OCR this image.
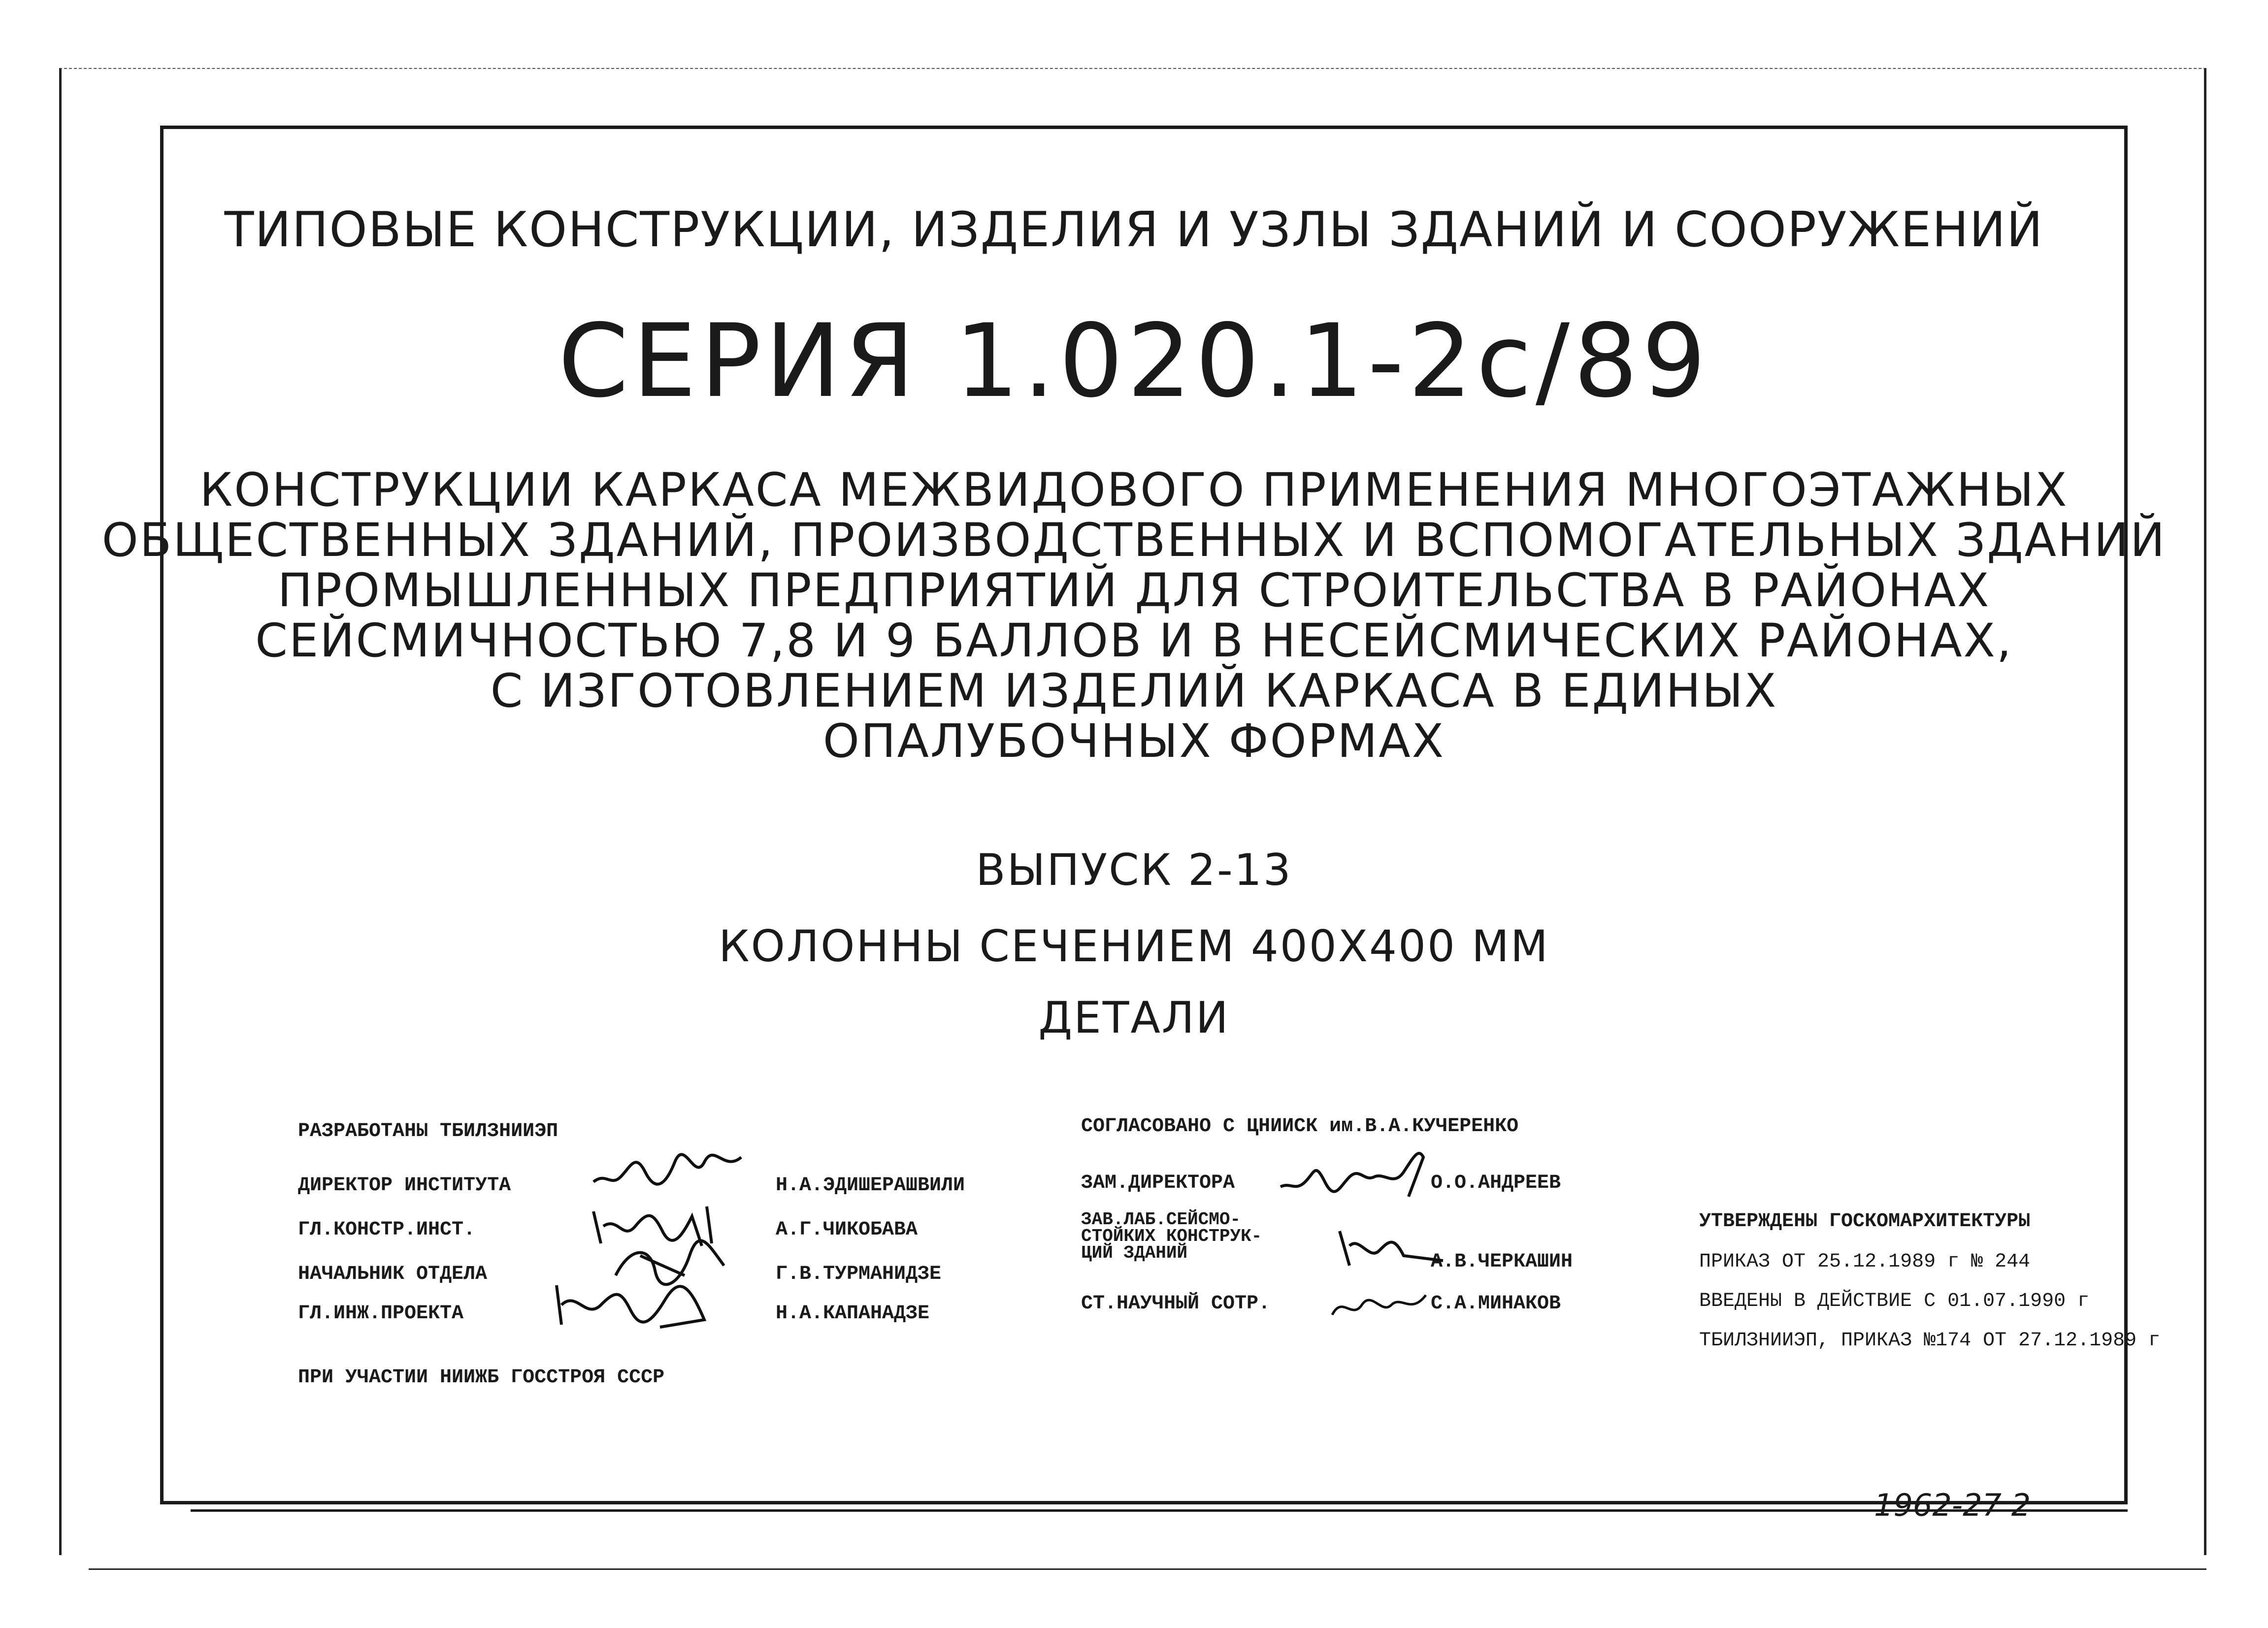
ТИПОВЫЕ КОНСТРУКЦИИ, ИЗДЕЛИЯ И УЗЛЫ ЗДАНИЙ И СООРУЖЕНИЙ
СЕРИЯ 1.020.1-2с/89
КОНСТРУКЦИИ КАРКАСА МЕЖВИДОВОГО ПРИМЕНЕНИЯ МНОГОЭТАЖНЫХ
ОБЩЕСТВЕННЫХ ЗДАНИЙ, ПРОИЗВОДСТВЕННЫХ И ВСПОМОГАТЕЛЬНЫХ ЗДАНИЙ
ПРОМЫШЛЕННЫХ ПРЕДПРИЯТИЙ ДЛЯ СТРОИТЕЛЬСТВА В РАЙОНАХ
СЕЙСМИЧНОСТЬЮ 7,8 И 9 БАЛЛОВ И В НЕСЕЙСМИЧЕСКИХ РАЙОНАХ,
С ИЗГОТОВЛЕНИЕМ ИЗДЕЛИЙ КАРКАСА В ЕДИНЫХ
ОПАЛУБОЧНЫХ ФОРМАХ
ВЫПУСК 2-13
КОЛОННЫ СЕЧЕНИЕМ 400Х400 ММ
ДЕТАЛИ
РАЗРАБОТАНЫ ТБИЛЗНИИЭП
ДИРЕКТОР ИНСТИТУТА	Н.А.ЭДИШЕРАШВИЛИ
ГЛ.КОНСТР.ИНСТ.	А.Г.ЧИКОБАВА
НАЧАЛЬНИК ОТДЕЛА	Г.В.ТУРМАНИДЗЕ
ГЛ.ИНЖ.ПРОЕКТА	Н.А.КАПАНАДЗЕ
ПРИ УЧАСТИИ НИИЖБ ГОССТРОЯ СССР
СОГЛАСОВАНО С ЦНИИСК им.В.А.КУЧЕРЕНКО
ЗАМ.ДИРЕКТОРА	О.О.АНДРЕЕВ
ЗАВ.ЛАБ.СЕЙСМО-
СТОЙКИХ КОНСТРУК-
ЦИЙ ЗДАНИЙ	А.В.ЧЕРКАШИН
СТ.НАУЧНЫЙ СОТР.	С.А.МИНАКОВ
УТВЕРЖДЕНЫ ГОСКОМАРХИТЕКТУРЫ
ПРИКАЗ ОТ 25.12.1989 г № 244
ВВЕДЕНЫ В ДЕЙСТВИЕ С 01.07.1990 г
ТБИЛЗНИИЭП, ПРИКАЗ №174 ОТ 27.12.1989 г
1962-27 2
